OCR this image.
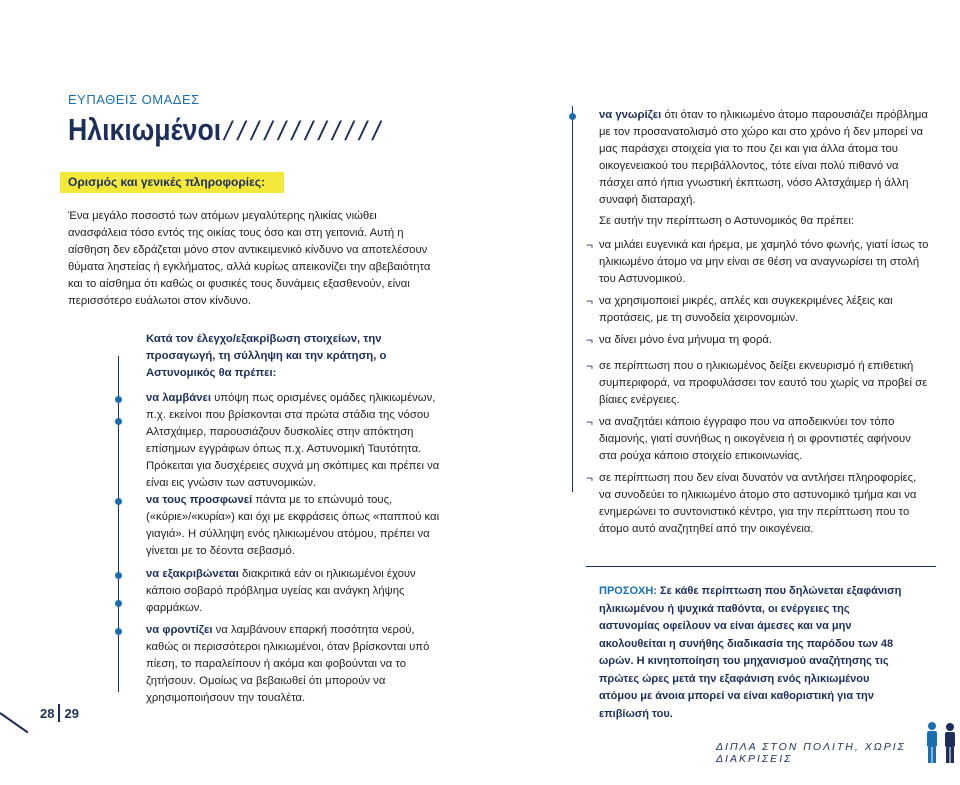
ΕΥΠΑΘΕΙΣ ΟΜΑΔΕΣ
Ηλικιωμένοι ////////////
Ορισμός και γενικές πληροφορίες:
Ένα μεγάλο ποσοστό των ατόμων μεγαλύτερης ηλικίας νιώθει ανασφάλεια τόσο εντός της οικίας τους όσο και στη γειτονιά. Αυτή η αίσθηση δεν εδράζεται μόνο στον αντικειμενικό κίνδυνο να αποτελέσουν θύματα ληστείας ή εγκλήματος, αλλά κυρίως απεικονίζει την αβεβαιότητα και το αίσθημα ότι καθώς οι φυσικές τους δυνάμεις εξασθενούν, είναι περισσότερο ευάλωτοι στον κίνδυνο.
Κατά τον έλεγχο/εξακρίβωση στοιχείων, την προσαγωγή, τη σύλληψη και την κράτηση, ο Αστυνομικός θα πρέπει:
να λαμβάνει υπόψη πως ορισμένες ομάδες ηλικιωμένων, π.χ. εκείνοι που βρίσκονται στα πρώτα στάδια της νόσου Αλτσχάιμερ, παρουσιάζουν δυσκολίες στην απόκτηση επίσημων εγγράφων όπως π.χ. Αστυνομική Ταυτότητα. Πρόκειται για δυσχέρειες συχνά μη σκόπιμες και πρέπει να είναι εις γνώσιν των αστυνομικών.
να τους προσφωνεί πάντα με το επώνυμό τους, («κύριε»/«κυρία») και όχι με εκφράσεις όπως «παππού και γιαγιά». Η σύλληψη ενός ηλικιωμένου ατόμου, πρέπει να γίνεται με το δέοντα σεβασμό.
να εξακριβώνεται διακριτικά εάν οι ηλικιωμένοι έχουν κάποιο σοβαρό πρόβλημα υγείας και ανάγκη λήψης φαρμάκων.
να φροντίζει να λαμβάνουν επαρκή ποσότητα νερού, καθώς οι περισσότεροι ηλικιωμένοι, όταν βρίσκονται υπό πίεση, το παραλείπουν ή ακόμα και φοβούνται να το ζητήσουν. Ομοίως να βεβαιωθεί ότι μπορούν να χρησιμοποιήσουν την τουαλέτα.
28 29
να γνωρίζει ότι όταν το ηλικιωμένο άτομο παρουσιάζει πρόβλημα με τον προσανατολισμό στο χώρο και στο χρόνο ή δεν μπορεί να μας παράσχει στοιχεία για το που ζει και για άλλα άτομα του οικογενειακού του περιβάλλοντος, τότε είναι πολύ πιθανό να πάσχει από ήπια γνωστική έκπτωση, νόσο Αλτσχάιμερ ή άλλη συναφή διαταραχή.
Σε αυτήν την περίπτωση ο Αστυνομικός θα πρέπει:
¬ να μιλάει ευγενικά και ήρεμα, με χαμηλό τόνο φωνής, γιατί ίσως το ηλικιωμένο άτομο να μην είναι σε θέση να αναγνωρίσει τη στολή του Αστυνομικού.
¬ να χρησιμοποιεί μικρές, απλές και συγκεκριμένες λέξεις και προτάσεις, με τη συνοδεία χειρονομιών.
¬ να δίνει μόνο ένα μήνυμα τη φορά.
¬ σε περίπτωση που ο ηλικιωμένος δείξει εκνευρισμό ή επιθετική συμπεριφορά, να προφυλάσσει τον εαυτό του χωρίς να προβεί σε βίαιες ενέργειες.
¬ να αναζητάει κάποιο έγγραφο που να αποδεικνύει τον τόπο διαμονής, γιατί συνήθως η οικογένεια ή οι φροντιστές αφήνουν στα ρούχα κάποιο στοιχείο επικοινωνίας.
¬ σε περίπτωση που δεν είναι δυνατόν να αντλήσει πληροφορίες, να συνοδεύει το ηλικιωμένο άτομο στο αστυνομικό τμήμα και να ενημερώνει το συντονιστικό κέντρο, για την περίπτωση που το άτομο αυτό αναζητηθεί από την οικογένεια.
ΠΡΟΣΟΧΗ: Σε κάθε περίπτωση που δηλώνεται εξαφάνιση ηλικιωμένου ή ψυχικά παθόντα, οι ενέργειες της αστυνομίας οφείλουν να είναι άμεσες και να μην ακολουθείται η συνήθης διαδικασία της παρόδου των 48 ωρών. Η κινητοποίηση του μηχανισμού αναζήτησης τις πρώτες ώρες μετά την εξαφάνιση ενός ηλικιωμένου ατόμου με άνοια μπορεί να είναι καθοριστική για την επιβίωσή του.
ΔΙΠΛΑ ΣΤΟΝ ΠΟΛΙΤΗ, ΧΩΡΙΣ ΔΙΑΚΡΙΣΕΙΣ
